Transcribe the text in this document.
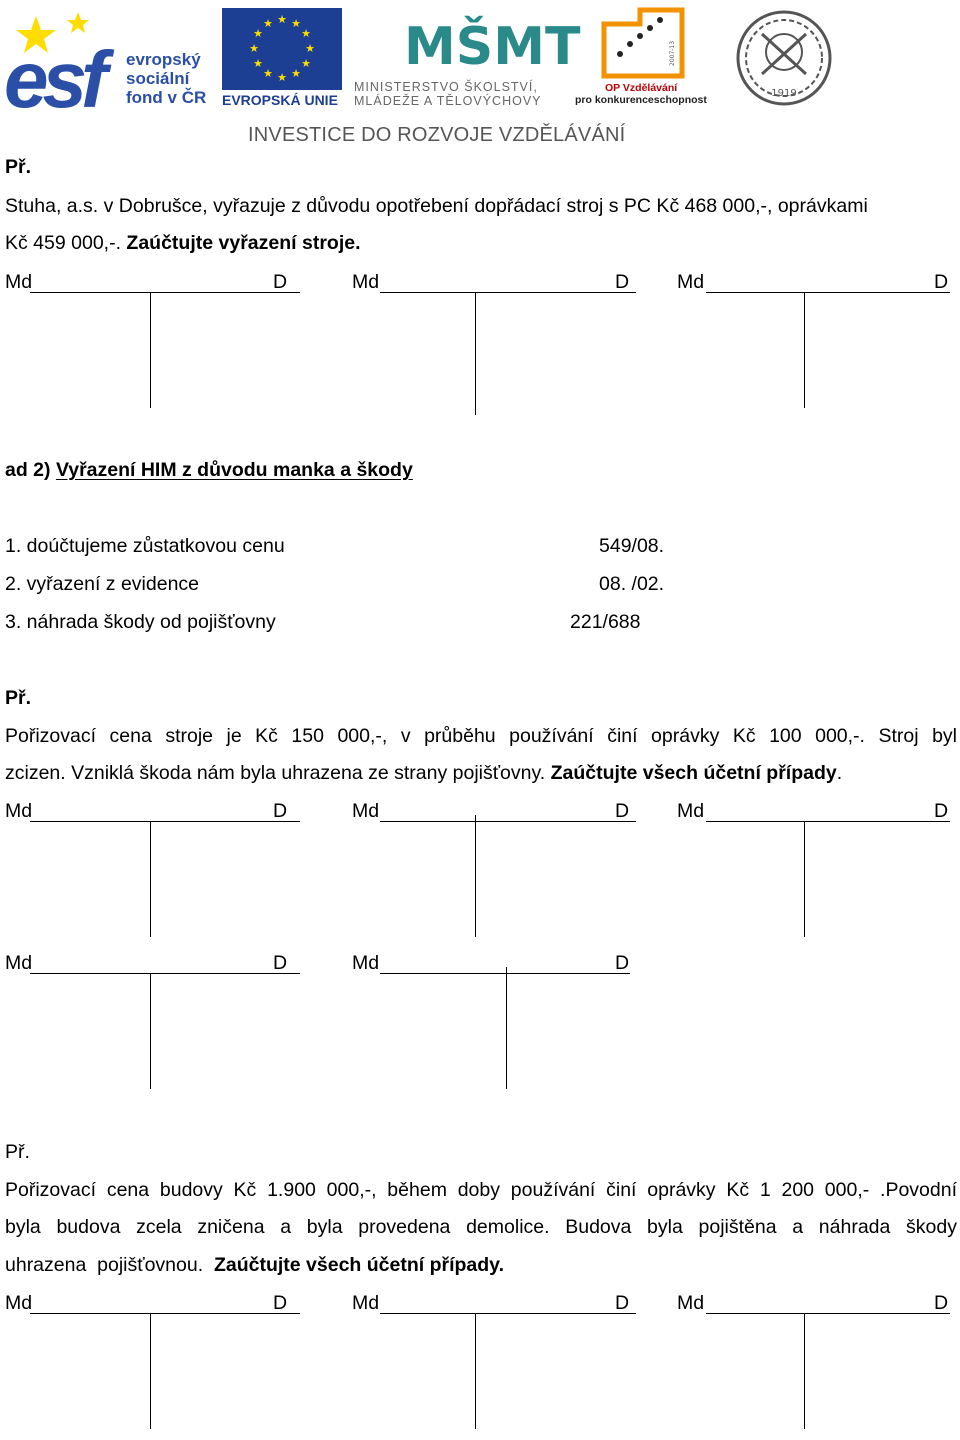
esf evropský
sociální
fond v ČR
★ ★
★
★
★
★
★
★
★
★
★
★
EVROPSKÁ UNIE
MŠMT
MINISTERSTVO ŠKOLSTVÍ,
MLÁDEŽE A TĚLOVÝCHOVY
2007-13
OP Vzdělávání
pro konkurenceschopnost
1919
INVESTICE DO ROZVOJE VZDĚLÁVÁNÍ
Př.
Stuha, a.s. v Dobrušce, vyřazuje z důvodu opotřebení dopřádací stroj s PC Kč 468 000,-, oprávkami
Kč 459 000,-. Zaúčtujte vyřazení stroje.
Md	D	Md	D Md	D
ad 2) Vyřazení HIM z důvodu manka a škody
1. doúčtujeme zůstatkovou cenu	549/08.
2. vyřazení z evidence	08. /02.
3. náhrada škody od pojišťovny	221/688
Př.
Pořizovací cena stroje je Kč 150 000,-, v průběhu používání činí oprávky Kč 100 000,-. Stroj byl
zcizen. Vzniklá škoda nám byla uhrazena ze strany pojišťovny. Zaúčtujte všech účetní případy.
Md	D	Md	D Md	D
Md	D	Md	D
Př.
Pořizovací cena budovy Kč 1.900 000,-, během doby používání činí oprávky Kč 1 200 000,- .Povodní
byla budova zcela zničena a byla provedena demolice. Budova byla pojištěna a náhrada škody
uhrazena  pojišťovnou.  Zaúčtujte všech účetní případy.
Md	D	Md	D Md	D
